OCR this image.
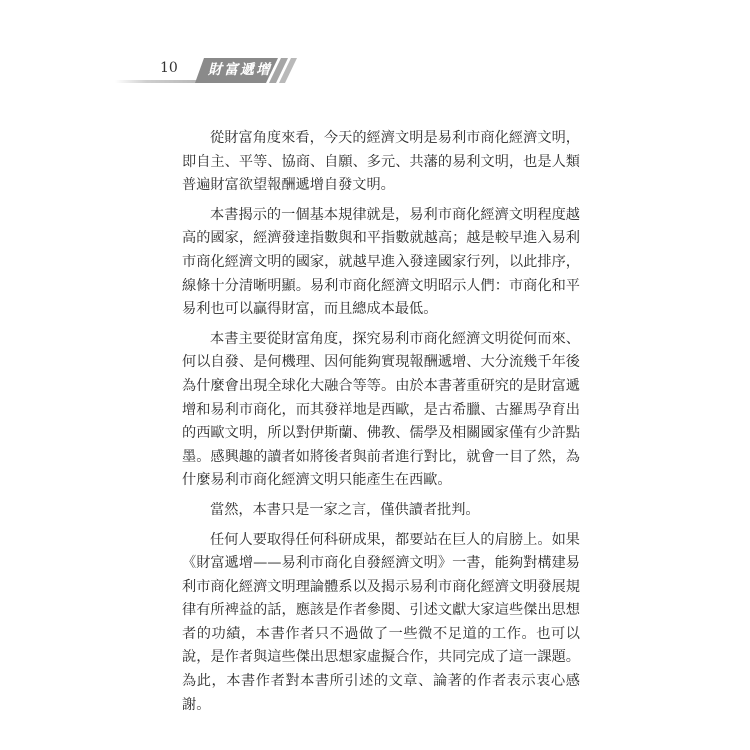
10	財富遞增

從財富角度來看，今天的經濟文明是易利市商化經濟文明，即自主、平等、協商、自願、多元、共藩的易利文明，也是人類普遍財富欲望報酬遞增自發文明。

本書揭示的一個基本規律就是，易利市商化經濟文明程度越高的國家，經濟發達指數與和平指數就越高；越是較早進入易利市商化經濟文明的國家，就越早進入發達國家行列，以此排序，線條十分清晰明顯。易利市商化經濟文明昭示人們：市商化和平易利也可以贏得財富，而且總成本最低。

本書主要從財富角度，探究易利市商化經濟文明從何而來、何以自發、是何機理、因何能夠實現報酬遞增、大分流幾千年後為什麼會出現全球化大融合等等。由於本書著重研究的是財富遞增和易利市商化，而其發祥地是西歐，是古希臘、古羅馬孕育出的西歐文明，所以對伊斯蘭、佛教、儒學及相關國家僅有少許點墨。感興趣的讀者如將後者與前者進行對比，就會一目了然，為什麼易利市商化經濟文明只能產生在西歐。

當然，本書只是一家之言，僅供讀者批判。

任何人要取得任何科研成果，都要站在巨人的肩膀上。如果《財富遞增——易利市商化自發經濟文明》一書，能夠對構建易利市商化經濟文明理論體系以及揭示易利市商化經濟文明發展規律有所裨益的話，應該是作者參閱、引述文獻大家這些傑出思想者的功績，本書作者只不過做了一些微不足道的工作。也可以說，是作者與這些傑出思想家虛擬合作，共同完成了這一課題。為此，本書作者對本書所引述的文章、論著的作者表示衷心感謝。
